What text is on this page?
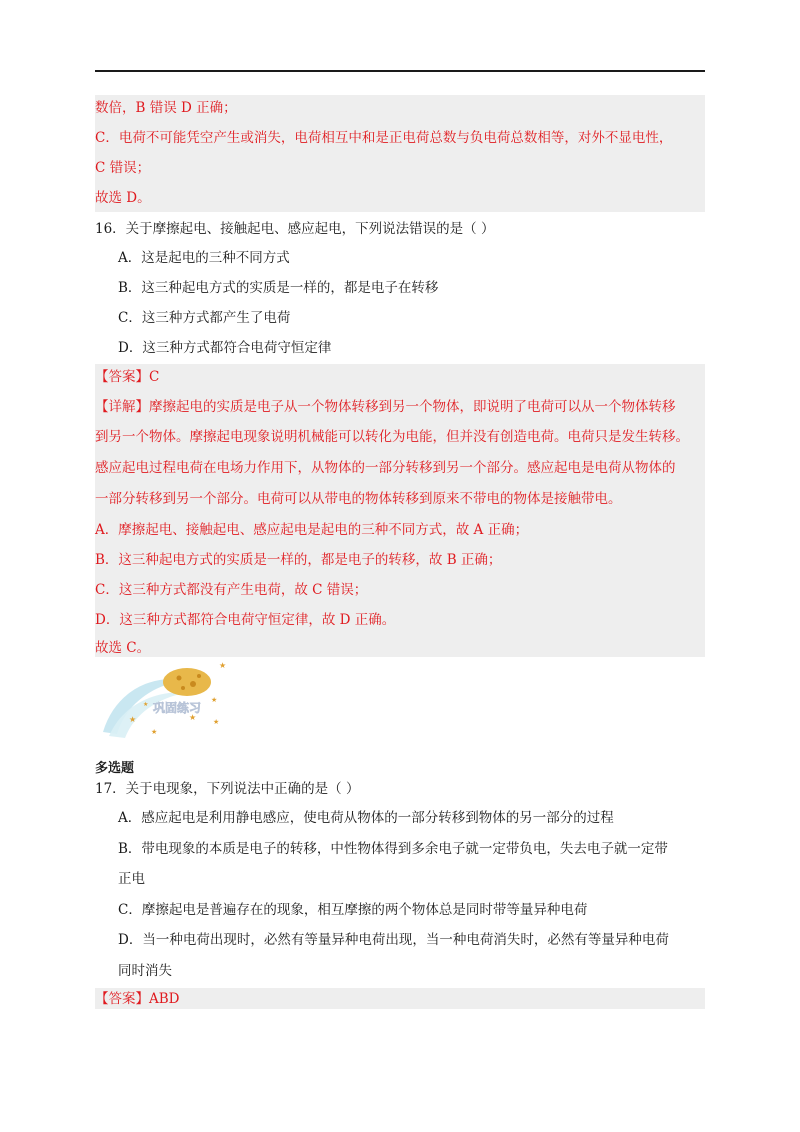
数倍，B 错误 D 正确；
C．电荷不可能凭空产生或消失，电荷相互中和是正电荷总数与负电荷总数相等，对外不显电性，
C 错误；
故选 D。
16．关于摩擦起电、接触起电、感应起电，下列说法错误的是（ ）
A．这是起电的三种不同方式
B．这三种起电方式的实质是一样的，都是电子在转移
C．这三种方式都产生了电荷
D．这三种方式都符合电荷守恒定律
【答案】C
【详解】摩擦起电的实质是电子从一个物体转移到另一个物体，即说明了电荷可以从一个物体转移
到另一个物体。摩擦起电现象说明机械能可以转化为电能，但并没有创造电荷。电荷只是发生转移。
感应起电过程电荷在电场力作用下，从物体的一部分转移到另一个部分。感应起电是电荷从物体的
一部分转移到另一个部分。电荷可以从带电的物体转移到原来不带电的物体是接触带电。
A．摩擦起电、接触起电、感应起电是起电的三种不同方式，故 A 正确；
B．这三种起电方式的实质是一样的，都是电子的转移，故 B 正确；
C．这三种方式都没有产生电荷，故 C 错误；
D．这三种方式都符合电荷守恒定律，故 D 正确。
故选 C。
★
★
★
★
★ ★
★ 巩固练习
多选题
17．关于电现象，下列说法中正确的是（ ）
A．感应起电是利用静电感应，使电荷从物体的一部分转移到物体的另一部分的过程
B．带电现象的本质是电子的转移，中性物体得到多余电子就一定带负电，失去电子就一定带
正电
C．摩擦起电是普遍存在的现象，相互摩擦的两个物体总是同时带等量异种电荷
D．当一种电荷出现时，必然有等量异种电荷出现，当一种电荷消失时，必然有等量异种电荷
同时消失
【答案】ABD
